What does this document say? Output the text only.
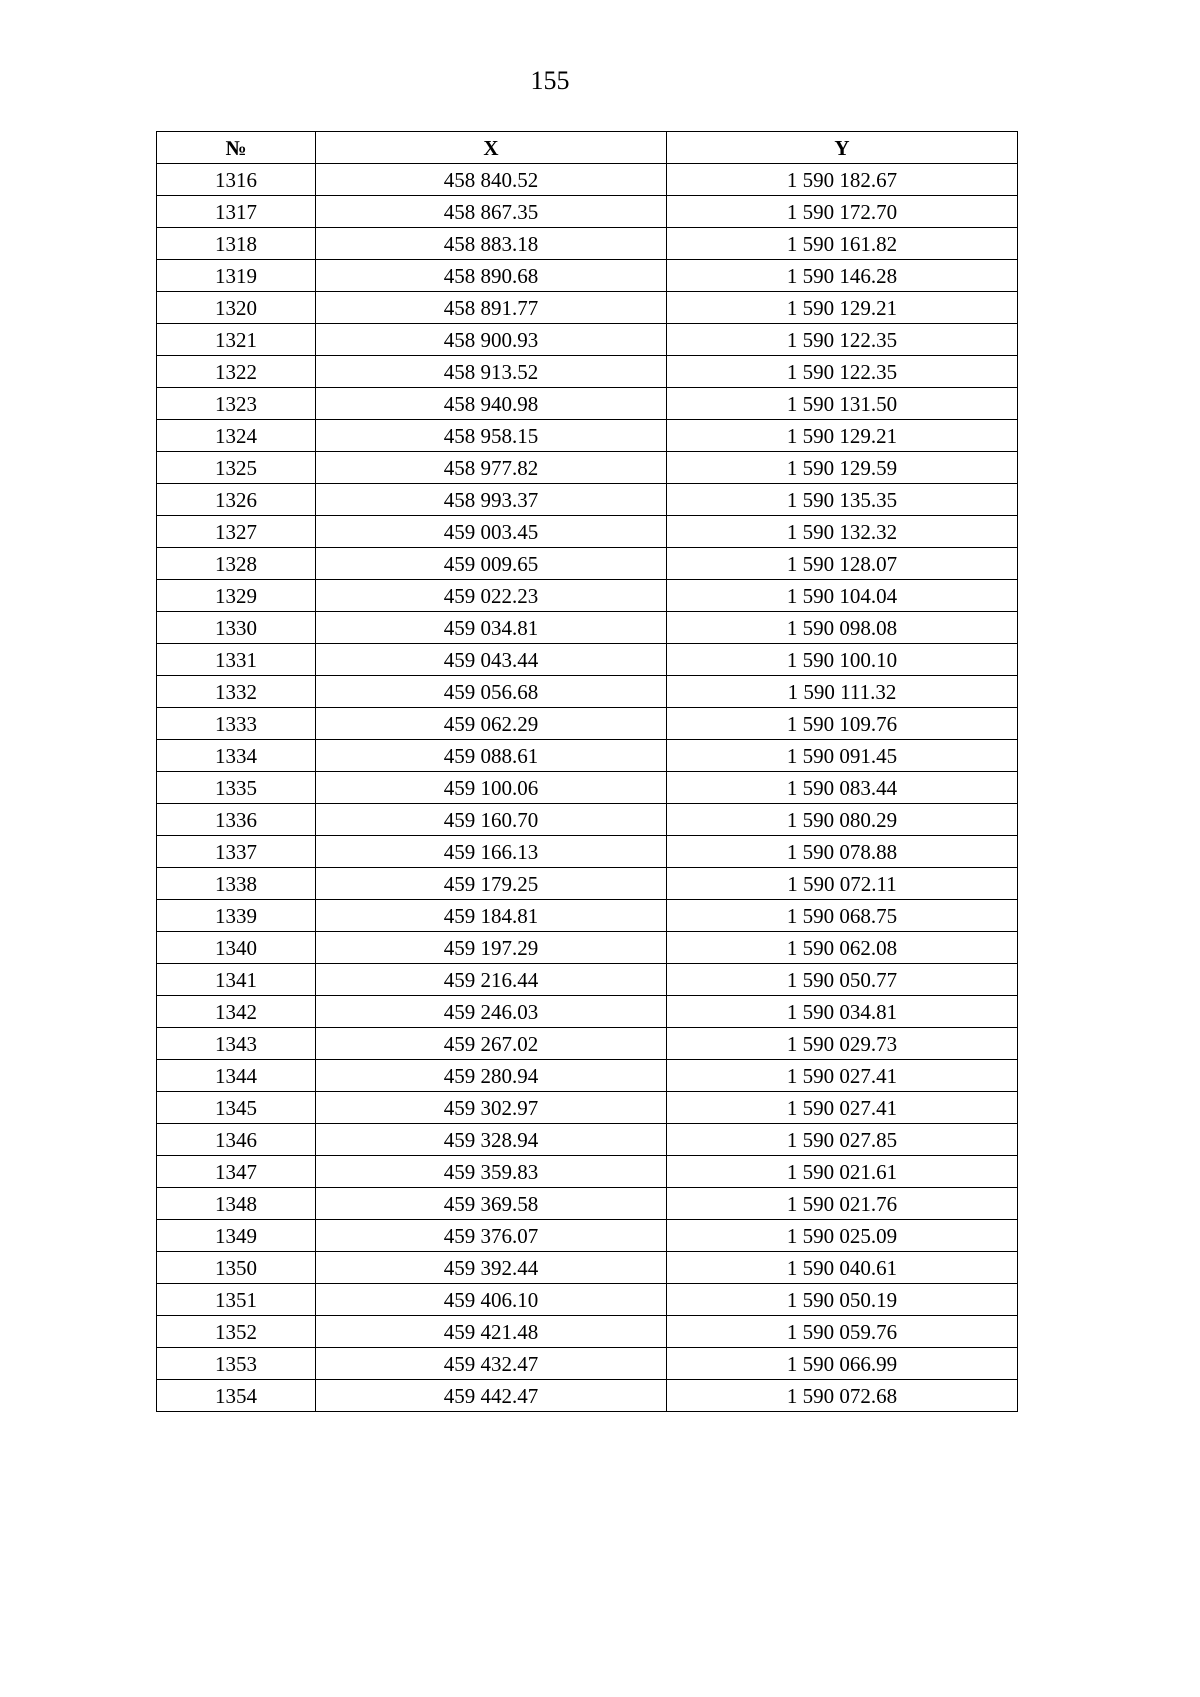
155
№	X	Y
1316	458 840.52	1 590 182.67
1317	458 867.35	1 590 172.70
1318	458 883.18	1 590 161.82
1319	458 890.68	1 590 146.28
1320	458 891.77	1 590 129.21
1321	458 900.93	1 590 122.35
1322	458 913.52	1 590 122.35
1323	458 940.98	1 590 131.50
1324	458 958.15	1 590 129.21
1325	458 977.82	1 590 129.59
1326	458 993.37	1 590 135.35
1327	459 003.45	1 590 132.32
1328	459 009.65	1 590 128.07
1329	459 022.23	1 590 104.04
1330	459 034.81	1 590 098.08
1331	459 043.44	1 590 100.10
1332	459 056.68	1 590 111.32
1333	459 062.29	1 590 109.76
1334	459 088.61	1 590 091.45
1335	459 100.06	1 590 083.44
1336	459 160.70	1 590 080.29
1337	459 166.13	1 590 078.88
1338	459 179.25	1 590 072.11
1339	459 184.81	1 590 068.75
1340	459 197.29	1 590 062.08
1341	459 216.44	1 590 050.77
1342	459 246.03	1 590 034.81
1343	459 267.02	1 590 029.73
1344	459 280.94	1 590 027.41
1345	459 302.97	1 590 027.41
1346	459 328.94	1 590 027.85
1347	459 359.83	1 590 021.61
1348	459 369.58	1 590 021.76
1349	459 376.07	1 590 025.09
1350	459 392.44	1 590 040.61
1351	459 406.10	1 590 050.19
1352	459 421.48	1 590 059.76
1353	459 432.47	1 590 066.99
1354	459 442.47	1 590 072.68
